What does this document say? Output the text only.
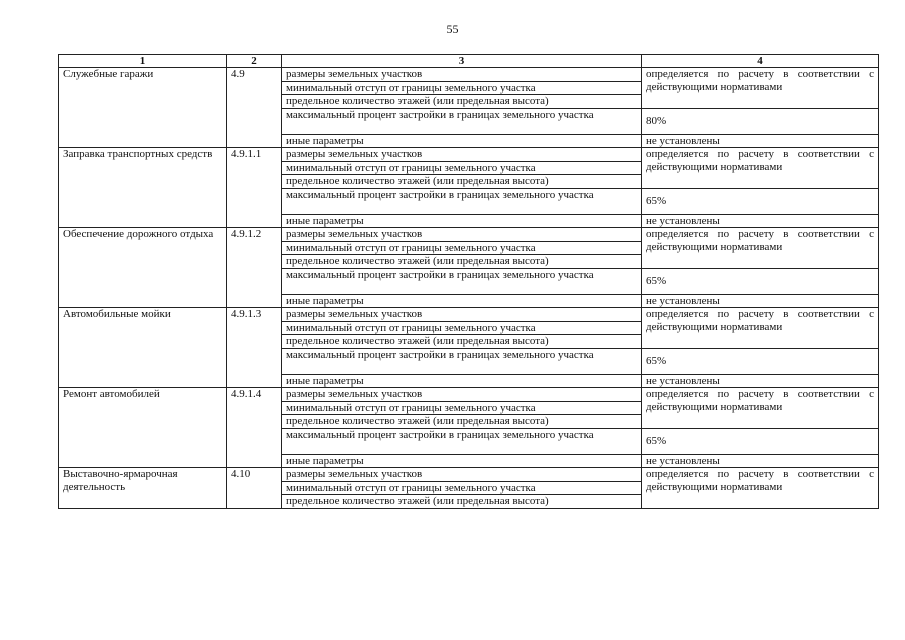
55
1	2	3	4
Служебные гаражи	4.9	размеры земельных участков	определяется по расчету в соответствии с действующими нормативами
		минимальный отступ от границы земельного участка	
		предельное количество этажей (или предельная высота)	
		максимальный процент застройки в границах земельного участка	80%
		иные параметры	не установлены
Заправка транспортных средств	4.9.1.1	размеры земельных участков	определяется по расчету в соответствии с действующими нормативами
		минимальный отступ от границы земельного участка	
		предельное количество этажей (или предельная высота)	
		максимальный процент застройки в границах земельного участка	65%
		иные параметры	не установлены
Обеспечение дорожного отдыха	4.9.1.2	размеры земельных участков	определяется по расчету в соответствии с действующими нормативами
		минимальный отступ от границы земельного участка	
		предельное количество этажей (или предельная высота)	
		максимальный процент застройки в границах земельного участка	65%
		иные параметры	не установлены
Автомобильные мойки	4.9.1.3	размеры земельных участков	определяется по расчету в соответствии с действующими нормативами
		минимальный отступ от границы земельного участка	
		предельное количество этажей (или предельная высота)	
		максимальный процент застройки в границах земельного участка	65%
		иные параметры	не установлены
Ремонт автомобилей	4.9.1.4	размеры земельных участков	определяется по расчету в соответствии с действующими нормативами
		минимальный отступ от границы земельного участка	
		предельное количество этажей (или предельная высота)	
		максимальный процент застройки в границах земельного участка	65%
		иные параметры	не установлены
Выставочно-ярмарочная деятельность	4.10	размеры земельных участков	определяется по расчету в соответствии с действующими нормативами
		минимальный отступ от границы земельного участка	
		предельное количество этажей (или предельная высота)	
